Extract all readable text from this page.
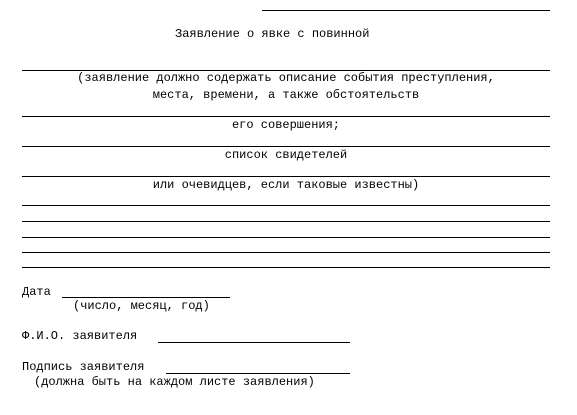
Заявление о явке с повинной
(заявление должно содержать описание события преступления,
места, времени, а также обстоятельств
его совершения;
список свидетелей
или очевидцев, если таковые известны)
Дата
(число, месяц, год)
Ф.И.О. заявителя
Подпись заявителя
(должна быть на каждом листе заявления)
